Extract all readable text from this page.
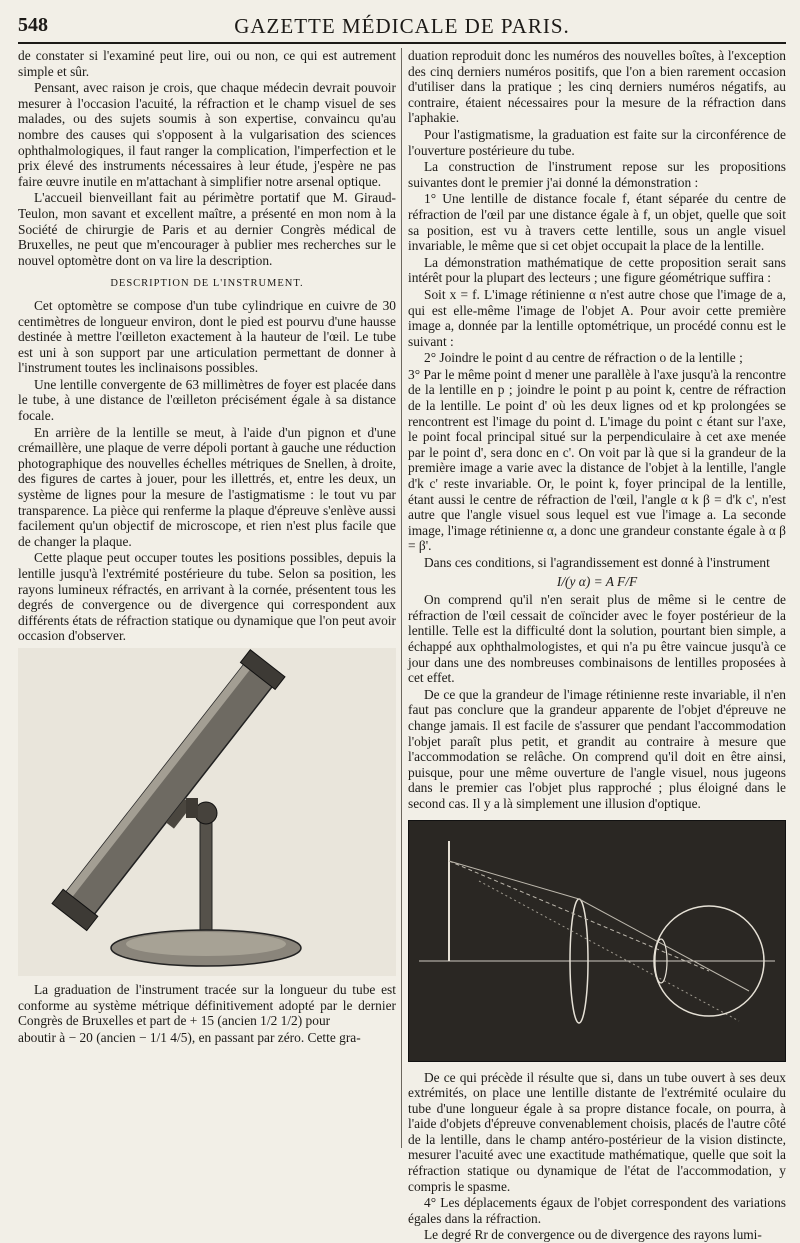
548	GAZETTE MÉDICALE DE PARIS.

de constater si l'examiné peut lire, oui ou non, ce qui est autrement simple et sûr.

Pensant, avec raison je crois, que chaque médecin devrait pouvoir mesurer à l'occasion l'acuité, la réfraction et le champ visuel de ses malades, ou des sujets soumis à son expertise, convaincu qu'au nombre des causes qui s'opposent à la vulgarisation des sciences ophthalmologiques, il faut ranger la complication, l'imperfection et le prix élevé des instruments nécessaires à leur étude, j'espère ne pas faire œuvre inutile en m'attachant à simplifier notre arsenal optique.

L'accueil bienveillant fait au périmètre portatif que M. Giraud-Teulon, mon savant et excellent maître, a présenté en mon nom à la Société de chirurgie de Paris et au dernier Congrès médical de Bruxelles, ne peut que m'encourager à publier mes recherches sur le nouvel optomètre dont on va lire la description.

DESCRIPTION DE L'INSTRUMENT.

Cet optomètre se compose d'un tube cylindrique en cuivre de 30 centimètres de longueur environ, dont le pied est pourvu d'une hausse destinée à mettre l'œilleton exactement à la hauteur de l'œil. Le tube est uni à son support par une articulation permettant de donner à l'instrument toutes les inclinaisons possibles.

Une lentille convergente de 63 millimètres de foyer est placée dans le tube, à une distance de l'œilleton précisément égale à sa distance focale.

En arrière de la lentille se meut, à l'aide d'un pignon et d'une crémaillère, une plaque de verre dépoli portant à gauche une réduction photographique des nouvelles échelles métriques de Snellen, à droite, des figures de cartes à jouer, pour les illettrés, et, entre les deux, un système de lignes pour la mesure de l'astigmatisme : le tout vu par transparence. La pièce qui renferme la plaque d'épreuve s'enlève aussi facilement qu'un objectif de microscope, et rien n'est plus facile que de changer la plaque.

Cette plaque peut occuper toutes les positions possibles, depuis la lentille jusqu'à l'extrémité postérieure du tube. Selon sa position, les rayons lumineux réfractés, en arrivant à la cornée, présentent tous les degrés de convergence ou de divergence qui correspondent aux différents états de réfraction statique ou dynamique que l'on peut avoir occasion d'observer.

La graduation de l'instrument tracée sur la longueur du tube est conforme au système métrique définitivement adopté par le dernier Congrès de Bruxelles et part de + 15 (ancien 1/2 1/2) pour

aboutir à − 20 (ancien − 1/1 4/5), en passant par zéro. Cette gra-

duation reproduit donc les numéros des nouvelles boîtes, à l'exception des cinq derniers numéros positifs, que l'on a bien rarement occasion d'utiliser dans la pratique ; les cinq derniers numéros négatifs, au contraire, étaient nécessaires pour la mesure de la réfraction dans l'aphakie.

Pour l'astigmatisme, la graduation est faite sur la circonférence de l'ouverture postérieure du tube.

La construction de l'instrument repose sur les propositions suivantes dont le premier j'ai donné la démonstration :

1° Une lentille de distance focale f, étant séparée du centre de réfraction de l'œil par une distance égale à f, un objet, quelle que soit sa position, est vu à travers cette lentille, sous un angle visuel invariable, le même que si cet objet occupait la place de la lentille.

La démonstration mathématique de cette proposition serait sans intérêt pour la plupart des lecteurs ; une figure géométrique suffira :

Soit x = f. L'image rétinienne α n'est autre chose que l'image de a, qui est elle-même l'image de l'objet A. Pour avoir cette première image a, donnée par la lentille optométrique, un procédé connu est le suivant :

2° Joindre le point d au centre de réfraction o de la lentille ;

3° Par le même point d mener une parallèle à l'axe jusqu'à la rencontre de la lentille en p ; joindre le point p au point k, centre de réfraction de la lentille. Le point d' où les deux lignes od et kp prolongées se rencontrent est l'image du point d. L'image du point c étant sur l'axe, le point focal principal situé sur la perpendiculaire à cet axe menée par le point d', sera donc en c'. On voit par là que si la grandeur de la première image a varie avec la distance de l'objet à la lentille, l'angle d'k c' reste invariable. Or, le point k, foyer principal de la lentille, étant aussi le centre de réfraction de l'œil, l'angle α k β = d'k c', n'est autre que l'angle visuel sous lequel est vue l'image a. La seconde image, l'image rétinienne α, a donc une grandeur constante égale à α β = β'.

Dans ces conditions, si l'agrandissement est donné à l'instrument

I/(y α) = A F/F

On comprend qu'il n'en serait plus de même si le centre de réfraction de l'œil cessait de coïncider avec le foyer postérieur de la lentille. Telle est la difficulté dont la solution, pourtant bien simple, a échappé aux ophthalmologistes, et qui n'a pu être vaincue jusqu'à ce jour dans une des nombreuses combinaisons de lentilles proposées à cet effet.

De ce que la grandeur de l'image rétinienne reste invariable, il n'en faut pas conclure que la grandeur apparente de l'objet d'épreuve ne change jamais. Il est facile de s'assurer que pendant l'accommodation l'objet paraît plus petit, et grandit au contraire à mesure que l'accommodation se relâche. On comprend qu'il doit en être ainsi, puisque, pour une même ouverture de l'angle visuel, nous jugeons dans le premier cas l'objet plus rapproché ; plus éloigné dans le second cas. Il y a là simplement une illusion d'optique.

De ce qui précède il résulte que si, dans un tube ouvert à ses deux extrémités, on place une lentille distante de l'extrémité oculaire du tube d'une longueur égale à sa propre distance focale, on pourra, à l'aide d'objets d'épreuve convenablement choisis, placés de l'autre côté de la lentille, dans le champ antéro-postérieur de la vision distincte, mesurer l'acuité avec une exactitude mathématique, quelle que soit la réfraction statique ou dynamique de l'état de l'accommodation, y compris le spasme.

4° Les déplacements égaux de l'objet correspondent des variations égales dans la réfraction.

Le degré Rr de convergence ou de divergence des rayons lumi-
